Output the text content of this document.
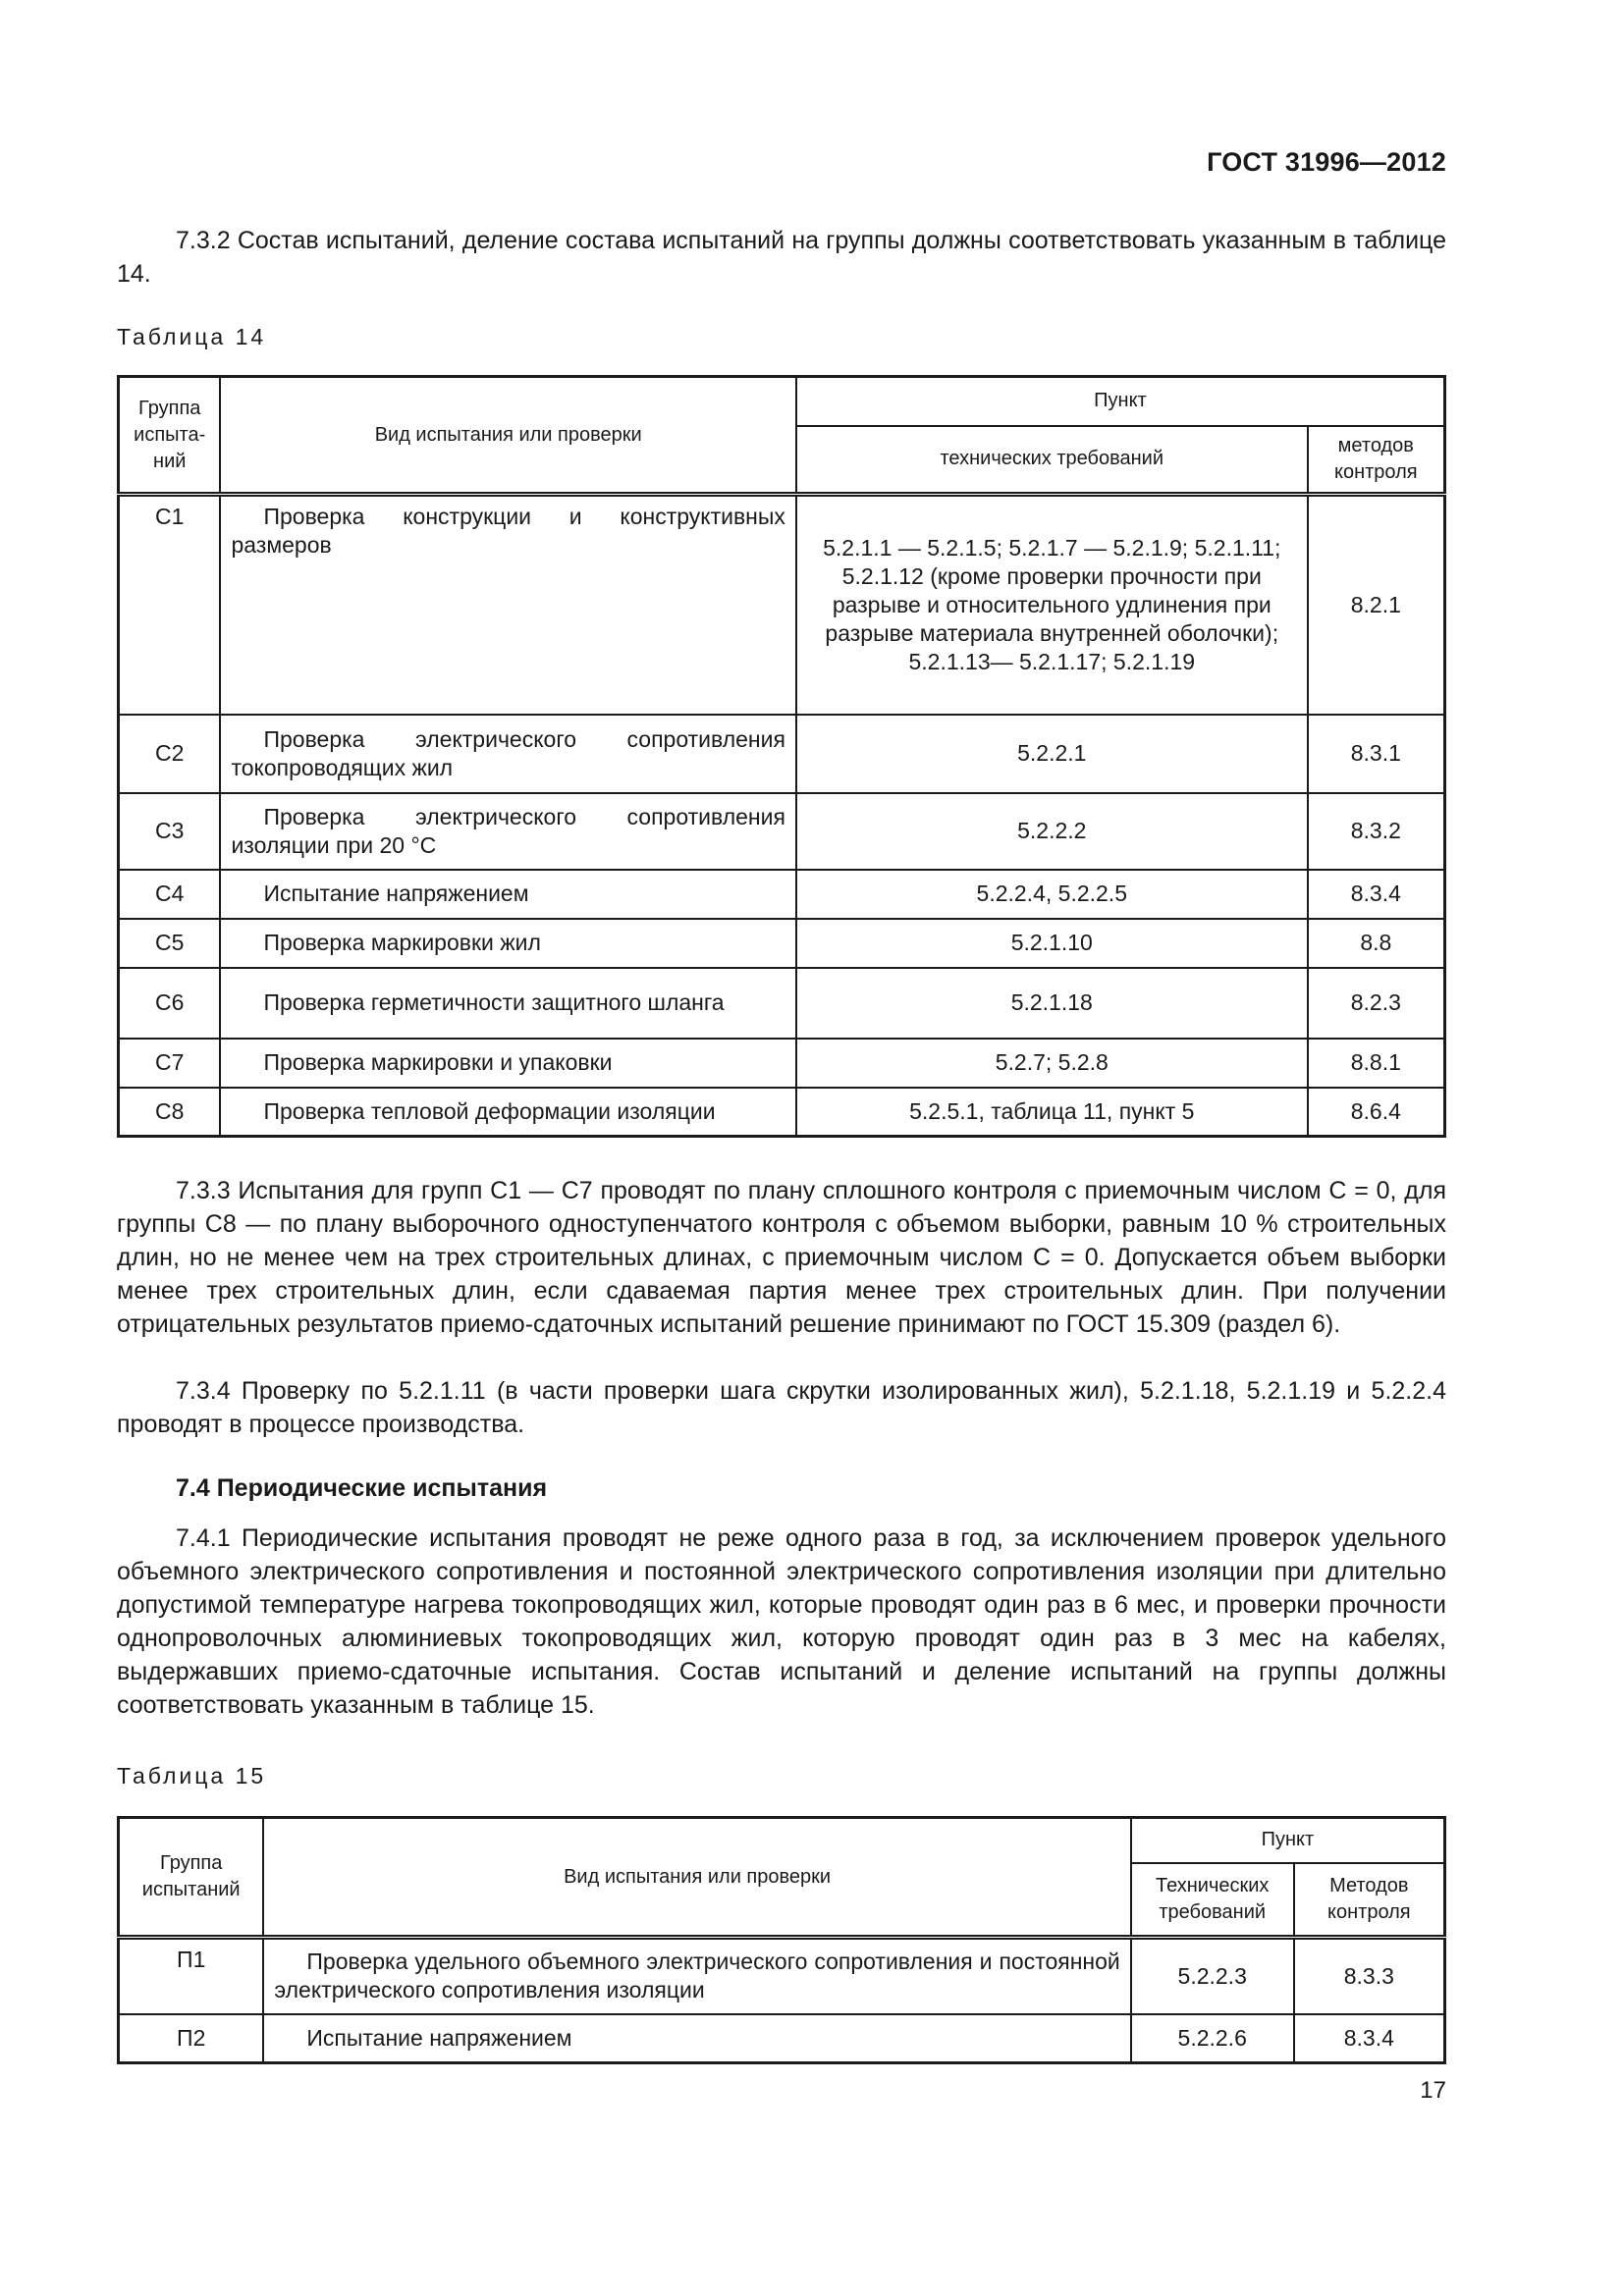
ГОСТ 31996—2012
7.3.2 Состав испытаний, деление состава испытаний на группы должны соответствовать указанным в таблице 14.
Таблица 14
Группа испыта-ний	Вид испытания или проверки	Пункт	
		технических требований	методов контроля
С1	Проверка конструкции и конструктивных размеров	5.2.1.1 — 5.2.1.5; 5.2.1.7 — 5.2.1.9; 5.2.1.11; 5.2.1.12 (кроме проверки прочности при разрыве и относительного удлинения при разрыве материала внутренней оболочки); 5.2.1.13— 5.2.1.17; 5.2.1.19	8.2.1
С2	Проверка электрического сопротивления токопроводящих жил	5.2.2.1	8.3.1
С3	Проверка электрического сопротивления изоляции при 20 °С	5.2.2.2	8.3.2
С4	Испытание напряжением	5.2.2.4, 5.2.2.5	8.3.4
С5	Проверка маркировки жил	5.2.1.10	8.8
С6	Проверка герметичности защитного шланга	5.2.1.18	8.2.3
С7	Проверка маркировки и упаковки	5.2.7; 5.2.8	8.8.1
С8	Проверка тепловой деформации изоляции	5.2.5.1, таблица 11, пункт 5	8.6.4
7.3.3 Испытания для групп С1 — С7 проводят по плану сплошного контроля с приемочным числом С = 0, для группы С8 — по плану выборочного одноступенчатого контроля с объемом выборки, равным 10 % строительных длин, но не менее чем на трех строительных длинах, с приемочным числом С = 0. Допускается объем выборки менее трех строительных длин, если сдаваемая партия менее трех строительных длин. При получении отрицательных результатов приемо-сдаточных испытаний решение принимают по ГОСТ 15.309 (раздел 6).
7.3.4 Проверку по 5.2.1.11 (в части проверки шага скрутки изолированных жил), 5.2.1.18, 5.2.1.19 и 5.2.2.4 проводят в процессе производства.
7.4 Периодические испытания
7.4.1 Периодические испытания проводят не реже одного раза в год, за исключением проверок удельного объемного электрического сопротивления и постоянной электрического сопротивления изоляции при длительно допустимой температуре нагрева токопроводящих жил, которые проводят один раз в 6 мес, и проверки прочности однопроволочных алюминиевых токопроводящих жил, которую проводят один раз в 3 мес на кабелях, выдержавших приемо-сдаточные испытания. Состав испытаний и деление испытаний на группы должны соответствовать указанным в таблице 15.
Таблица 15
Группа испытаний	Вид испытания или проверки	Пункт	
		Технических требований	Методов контроля
П1	Проверка удельного объемного электрического сопротивления и постоянной электрического сопротивления изоляции	5.2.2.3	8.3.3
П2	Испытание напряжением	5.2.2.6	8.3.4
17
